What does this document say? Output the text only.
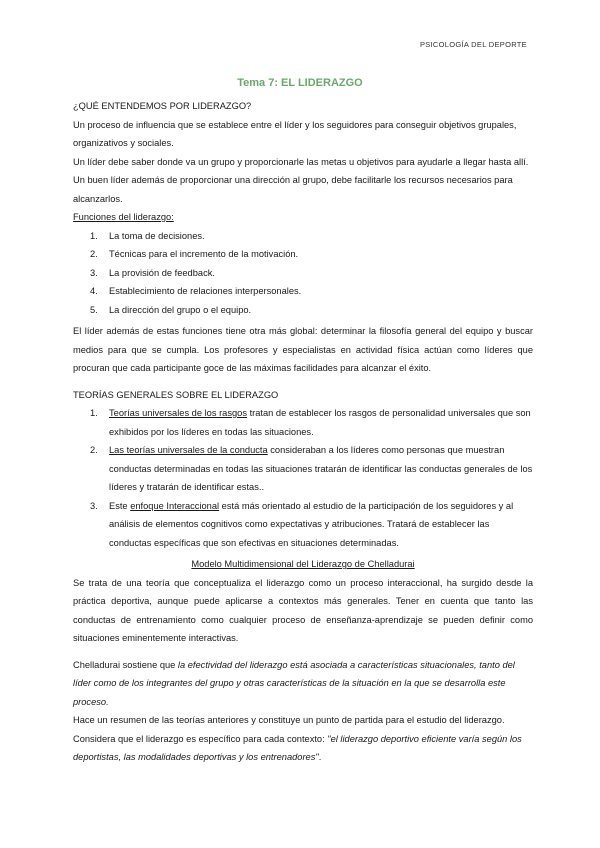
PSICOLOGÍA DEL DEPORTE
Tema 7: EL LIDERAZGO

¿QUÉ ENTENDEMOS POR LIDERAZGO?

Un proceso de influencia que se establece entre el líder y los seguidores para conseguir objetivos grupales, organizativos y sociales.

Un líder debe saber donde va un grupo y proporcionarle las metas u objetivos para ayudarle a llegar hasta allí.

Un buen líder además de proporcionar una dirección al grupo, debe facilitarle los recursos necesarios para alcanzarlos.

Funciones del liderazgo:

1. La toma de decisiones.
2. Técnicas para el incremento de la motivación.
3. La provisión de feedback.
4. Establecimiento de relaciones interpersonales.
5. La dirección del grupo o el equipo.

El líder además de estas funciones tiene otra más global: determinar la filosofía general del equipo y buscar medios para que se cumpla. Los profesores y especialistas en actividad física actúan como líderes que procuran que cada participante goce de las máximas facilidades para alcanzar el éxito.

TEORÍAS GENERALES SOBRE EL LIDERAZGO

1. Teorías universales de los rasgos tratan de establecer los rasgos de personalidad universales que son exhibidos por los líderes en todas las situaciones.
2. Las teorías universales de la conducta consideraban a los líderes como personas que muestran conductas determinadas en todas las situaciones tratarán de identificar las conductas generales de los líderes y tratarán de identificar estas..
3. Este enfoque Interaccional está más orientado al estudio de la participación de los seguidores y al análisis de elementos cognitivos como expectativas y atribuciones. Tratará de establecer las conductas específicas que son efectivas en situaciones determinadas.

Modelo Multidimensional del Liderazgo de Chelladurai

Se trata de una teoría que conceptualiza el liderazgo como un proceso interaccional, ha surgido desde la práctica deportiva, aunque puede aplicarse a contextos más generales. Tener en cuenta que tanto las conductas de entrenamiento como cualquier proceso de enseñanza-aprendizaje se pueden definir como situaciones eminentemente interactivas.

Chelladurai sostiene que la efectividad del liderazgo está asociada a características situacionales, tanto del líder como de los integrantes del grupo y otras características de la situación en la que se desarrolla este proceso.

Hace un resumen de las teorías anteriores y constituye un punto de partida para el estudio del liderazgo.

Considera que el liderazgo es específico para cada contexto: "el liderazgo deportivo eficiente varía según los deportistas, las modalidades deportivas y los entrenadores".
